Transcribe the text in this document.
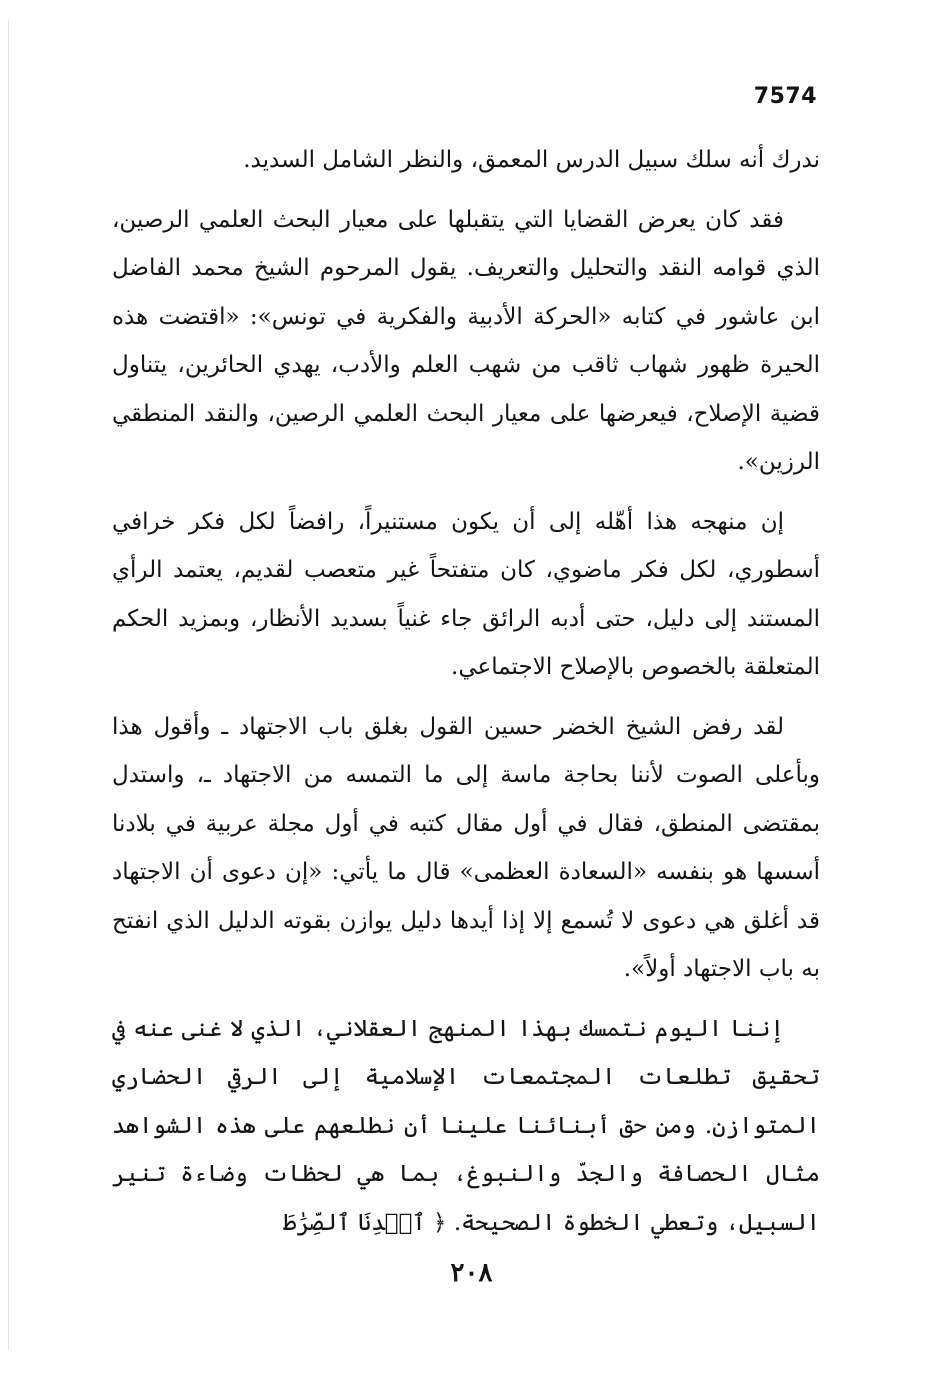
7574

ندرك أنه سلك سبيل الدرس المعمق، والنظر الشامل السديد.

فقد كان يعرض القضايا التي يتقبلها على معيار البحث العلمي الرصين، الذي قوامه النقد والتحليل والتعريف. يقول المرحوم الشيخ محمد الفاضل ابن عاشور في كتابه «الحركة الأدبية والفكرية في تونس»: «اقتضت هذه الحيرة ظهور شهاب ثاقب من شهب العلم والأدب، يهدي الحائرين، يتناول قضية الإصلاح، فيعرضها على معيار البحث العلمي الرصين، والنقد المنطقي الرزين».

إن منهجه هذا أهّله إلى أن يكون مستنيراً، رافضاً لكل فكر خرافي أسطوري، لكل فكر ماضوي، كان متفتحاً غير متعصب لقديم، يعتمد الرأي المستند إلى دليل، حتى أدبه الرائق جاء غنياً بسديد الأنظار، وبمزيد الحكم المتعلقة بالخصوص بالإصلاح الاجتماعي.

لقد رفض الشيخ الخضر حسين القول بغلق باب الاجتهاد ـ وأقول هذا وبأعلى الصوت لأننا بحاجة ماسة إلى ما التمسه من الاجتهاد ـ، واستدل بمقتضى المنطق، فقال في أول مقال كتبه في أول مجلة عربية في بلادنا أسسها هو بنفسه «السعادة العظمى» قال ما يأتي: «إن دعوى أن الاجتهاد قد أغلق هي دعوى لا تُسمع إلا إذا أيدها دليل يوازن بقوته الدليل الذي انفتح به باب الاجتهاد أولاً».

إننا اليوم نتمسك بهذا المنهج العقلاني، الذي لا غنى عنه في تحقيق تطلعات المجتمعات الإسلامية إلى الرقي الحضاري المتوازن. ومن حق أبنائنا علينا أن نطلعهم على هذه الشواهد مثال الحصافة والجدّ والنبوغ، بما هي لحظات وضاءة تنير السبيل، وتعطي الخطوة الصحيحة. ﴿ ٱهۡدِنَا ٱلصِّرَٰطَ

٢٠٨
